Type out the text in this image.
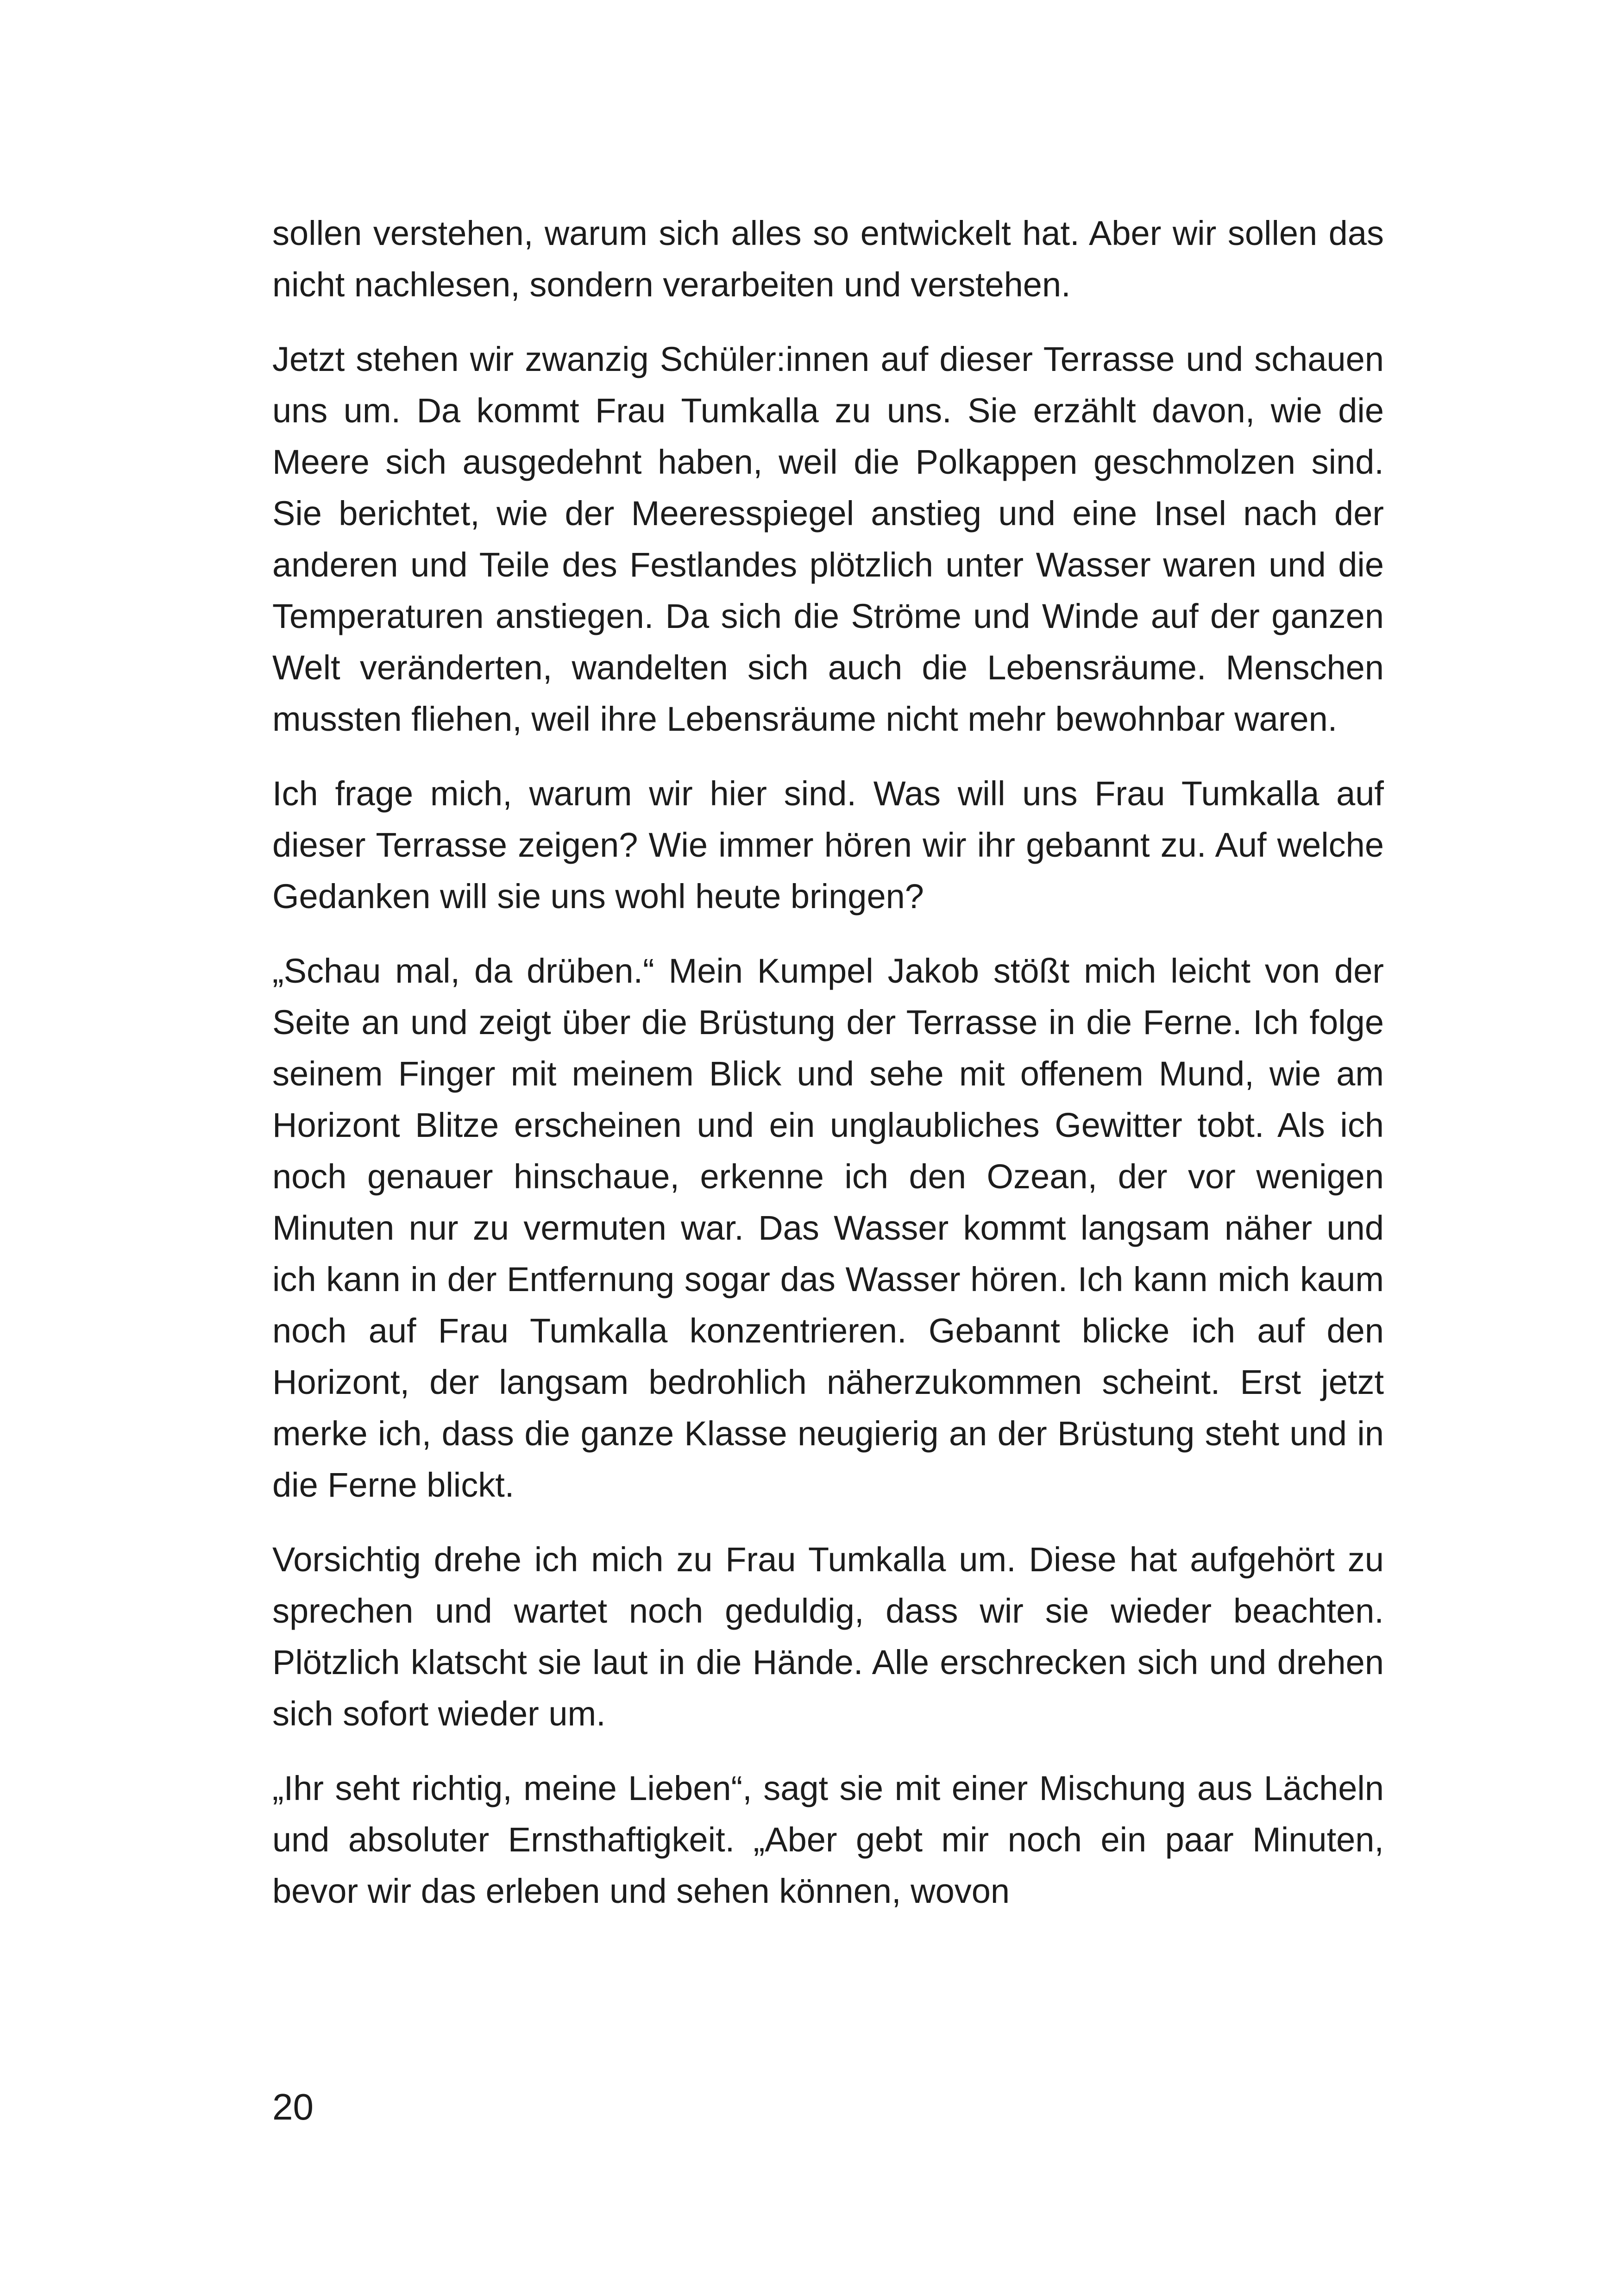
sollen verstehen, warum sich alles so entwickelt hat. Aber wir sollen das nicht nachlesen, sondern verarbeiten und verstehen.

Jetzt stehen wir zwanzig Schüler:innen auf dieser Terrasse und schauen uns um. Da kommt Frau Tumkalla zu uns. Sie erzählt davon, wie die Meere sich ausgedehnt haben, weil die Polkappen geschmolzen sind. Sie berichtet, wie der Meeresspiegel anstieg und eine Insel nach der anderen und Teile des Festlandes plötzlich unter Wasser waren und die Temperaturen anstiegen. Da sich die Ströme und Winde auf der ganzen Welt veränderten, wandelten sich auch die Lebensräume. Menschen mussten fliehen, weil ihre Lebensräume nicht mehr bewohnbar waren.

Ich frage mich, warum wir hier sind. Was will uns Frau Tumkalla auf dieser Terrasse zeigen? Wie immer hören wir ihr gebannt zu. Auf welche Gedanken will sie uns wohl heute bringen?

„Schau mal, da drüben.“ Mein Kumpel Jakob stößt mich leicht von der Seite an und zeigt über die Brüstung der Terrasse in die Ferne. Ich folge seinem Finger mit meinem Blick und sehe mit offenem Mund, wie am Horizont Blitze erscheinen und ein unglaubliches Gewitter tobt. Als ich noch genauer hinschaue, erkenne ich den Ozean, der vor wenigen Minuten nur zu vermuten war. Das Wasser kommt langsam näher und ich kann in der Entfernung sogar das Wasser hören. Ich kann mich kaum noch auf Frau Tumkalla konzentrieren. Gebannt blicke ich auf den Horizont, der langsam bedrohlich näherzukommen scheint. Erst jetzt merke ich, dass die ganze Klasse neugierig an der Brüstung steht und in die Ferne blickt.

Vorsichtig drehe ich mich zu Frau Tumkalla um. Diese hat aufgehört zu sprechen und wartet noch geduldig, dass wir sie wieder beachten. Plötzlich klatscht sie laut in die Hände. Alle erschrecken sich und drehen sich sofort wieder um.

„Ihr seht richtig, meine Lieben“, sagt sie mit einer Mischung aus Lächeln und absoluter Ernsthaftigkeit. „Aber gebt mir noch ein paar Minuten, bevor wir das erleben und sehen können, wovon

20
